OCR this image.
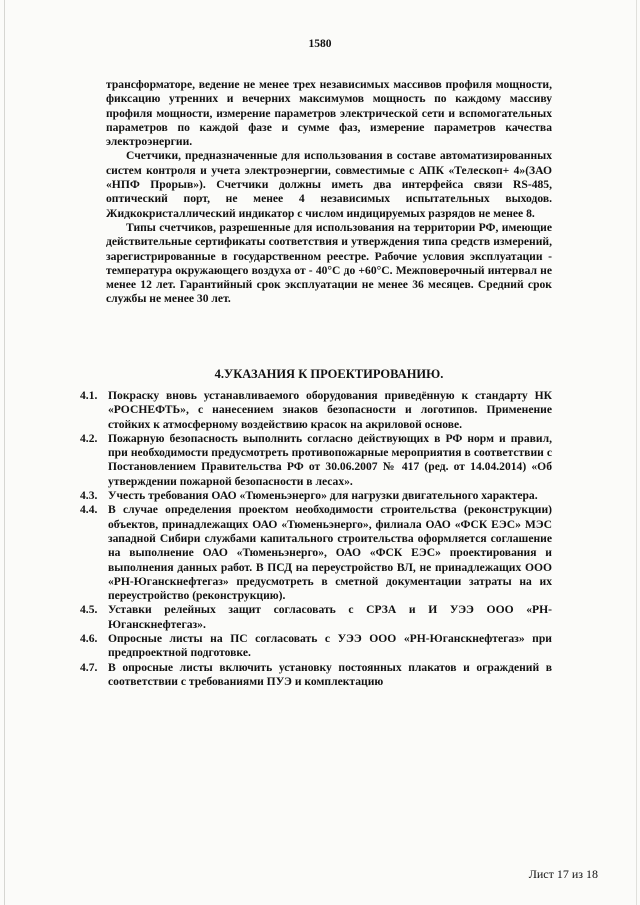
1580

трансформаторе, ведение не менее трех независимых массивов профиля мощности, фиксацию утренних и вечерних максимумов мощность по каждому массиву профиля мощности, измерение параметров электрической сети и вспомогательных параметров по каждой фазе и сумме фаз, измерение параметров качества электроэнергии.

Счетчики, предназначенные для использования в составе автоматизированных систем контроля и учета электроэнергии, совместимые с АПК «Телескоп+ 4»(ЗАО «НПФ Прорыв»). Счетчики должны иметь два интерфейса связи RS-485, оптический порт, не менее 4 независимых испытательных выходов. Жидкокристаллический индикатор с числом индицируемых разрядов не менее 8.

Типы счетчиков, разрешенные для использования на территории РФ, имеющие действительные сертификаты соответствия и утверждения типа средств измерений, зарегистрированные в государственном реестре. Рабочие условия эксплуатации - температура окружающего воздуха от - 40°С до +60°С. Межповерочный интервал не менее 12 лет. Гарантийный срок эксплуатации не менее 36 месяцев. Средний срок службы не менее 30 лет.

4.УКАЗАНИЯ К ПРОЕКТИРОВАНИЮ.
4.1. Покраску вновь устанавливаемого оборудования приведённую к стандарту НК «РОСНЕФТЬ», с нанесением знаков безопасности и логотипов. Применение стойких к атмосферному воздействию красок на акриловой основе.
4.2. Пожарную безопасность выполнить согласно действующих в РФ норм и правил, при необходимости предусмотреть противопожарные мероприятия в соответствии с Постановлением Правительства РФ от 30.06.2007 № 417 (ред. от 14.04.2014) «Об утверждении пожарной безопасности в лесах».
4.3. Учесть требования ОАО «Тюменьэнерго» для нагрузки двигательного характера.
4.4. В случае определения проектом необходимости строительства (реконструкции) объектов, принадлежащих ОАО «Тюменьэнерго», филиала ОАО «ФСК ЕЭС» МЭС западной Сибири службами капитального строительства оформляется соглашение на выполнение ОАО «Тюменьэнерго», ОАО «ФСК ЕЭС» проектирования и выполнения данных работ. В ПСД на переустройство ВЛ, не принадлежащих ООО «РН-Юганскнефтегаз» предусмотреть в сметной документации затраты на их переустройство (реконструкцию).
4.5. Уставки релейных защит согласовать с СРЗА и И УЭЭ ООО «РН-Юганскнефтегаз».
4.6. Опросные листы на ПС согласовать с УЭЭ ООО «РН-Юганскнефтегаз» при предпроектной подготовке.
4.7. В опросные листы включить установку постоянных плакатов и ограждений в соответствии с требованиями ПУЭ и комплектацию
Лист 17 из 18
